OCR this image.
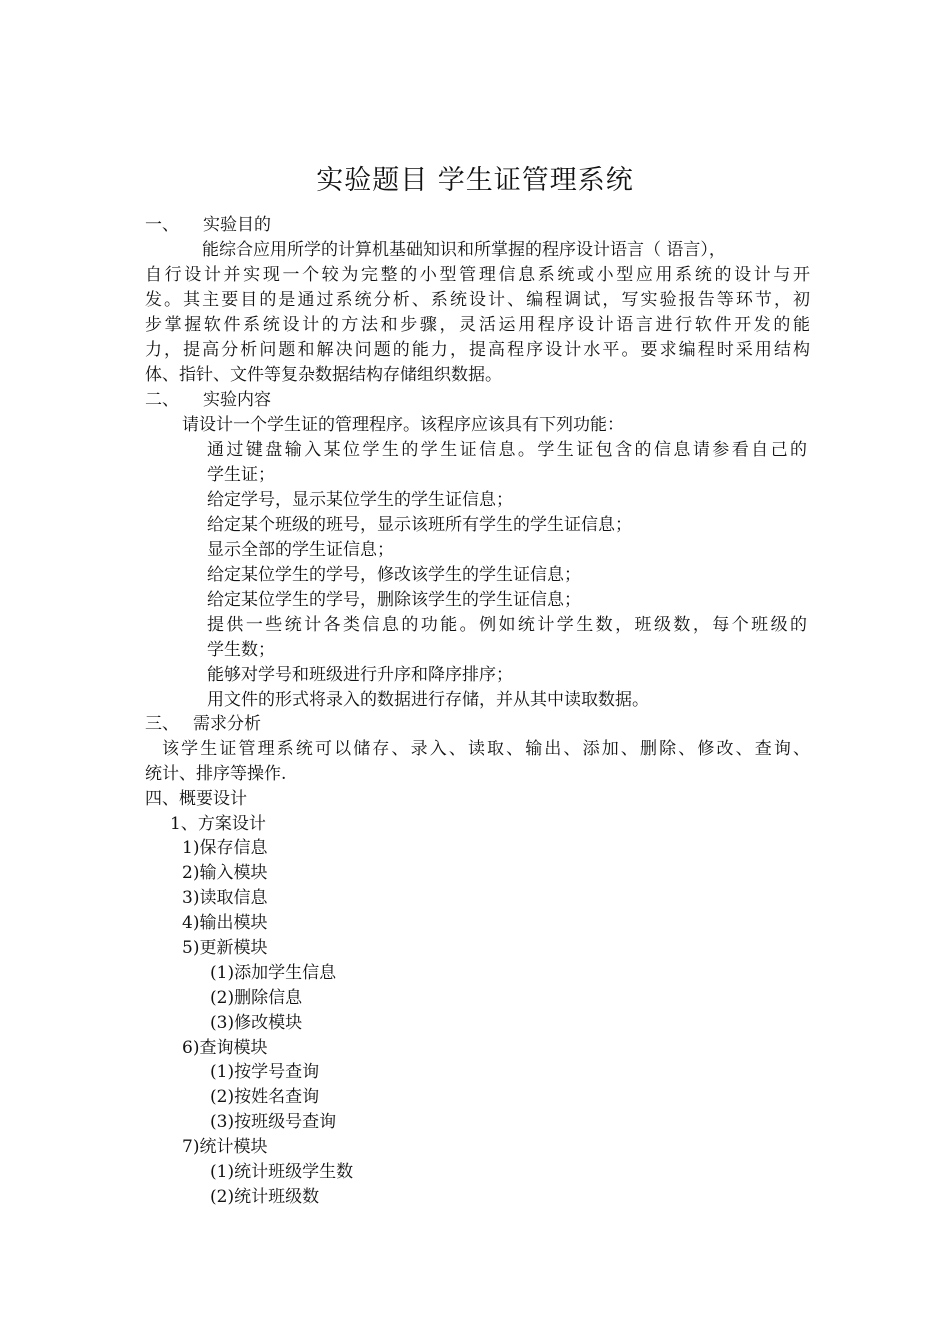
实验题目 学生证管理系统
一、 实验目的
能综合应用所学的计算机基础知识和所掌握的程序设计语言（ 语言），
自行设计并实现一个较为完整的小型管理信息系统或小型应用系统的设计与开
发。其主要目的是通过系统分析、系统设计、编程调试，写实验报告等环节，初
步掌握软件系统设计的方法和步骤，灵活运用程序设计语言进行软件开发的能
力，提高分析问题和解决问题的能力，提高程序设计水平。要求编程时采用结构
体、指针、文件等复杂数据结构存储组织数据。
二、 实验内容
请设计一个学生证的管理程序。该程序应该具有下列功能：
通过键盘输入某位学生的学生证信息。学生证包含的信息请参看自己的
学生证；
给定学号，显示某位学生的学生证信息；
给定某个班级的班号，显示该班所有学生的学生证信息；
显示全部的学生证信息；
给定某位学生的学号，修改该学生的学生证信息；
给定某位学生的学号，删除该学生的学生证信息；
提供一些统计各类信息的功能。例如统计学生数，班级数，每个班级的
学生数；
能够对学号和班级进行升序和降序排序；
用文件的形式将录入的数据进行存储，并从其中读取数据。
三、 需求分析
该学生证管理系统可以储存、录入、读取、输出、添加、删除、修改、查询、
统计、排序等操作.
四、概要设计
1、方案设计
1)保存信息
2)输入模块
3)读取信息
4)输出模块
5)更新模块
(1)添加学生信息
(2)删除信息
(3)修改模块
6)查询模块
(1)按学号查询
(2)按姓名查询
(3)按班级号查询
7)统计模块
(1)统计班级学生数
(2)统计班级数
